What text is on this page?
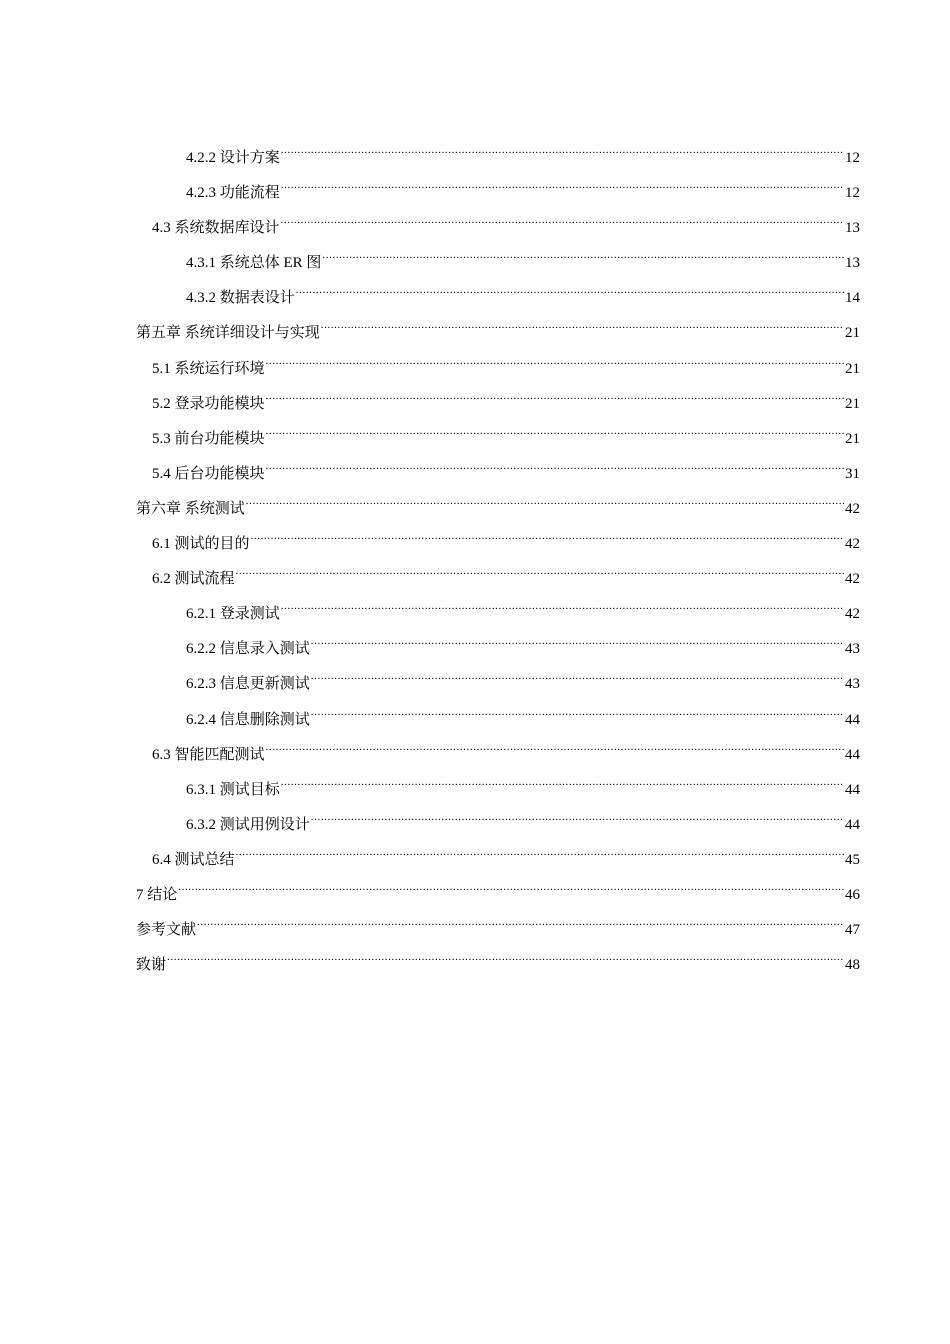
4.2.2 设计方案 .....	12
4.2.3 功能流程 .....	12
4.3 系统数据库设计 .....	13
4.3.1 系统总体 ER 图 .....	13
4.3.2 数据表设计 .....	14
第五章 系统详细设计与实现 .....	21
5.1 系统运行环境 .....	21
5.2 登录功能模块 .....	21
5.3 前台功能模块 .....	21
5.4 后台功能模块 .....	31
第六章 系统测试 .....	42
6.1 测试的目的 .....	42
6.2 测试流程 .....	42
6.2.1 登录测试 .....	42
6.2.2 信息录入测试 .....	43
6.2.3 信息更新测试 .....	43
6.2.4 信息删除测试 .....	44
6.3 智能匹配测试 .....	44
6.3.1 测试目标 .....	44
6.3.2 测试用例设计 .....	44
6.4 测试总结 .....	45
7 结论 .....	46
参考文献 .....	47
致谢 .....	48
